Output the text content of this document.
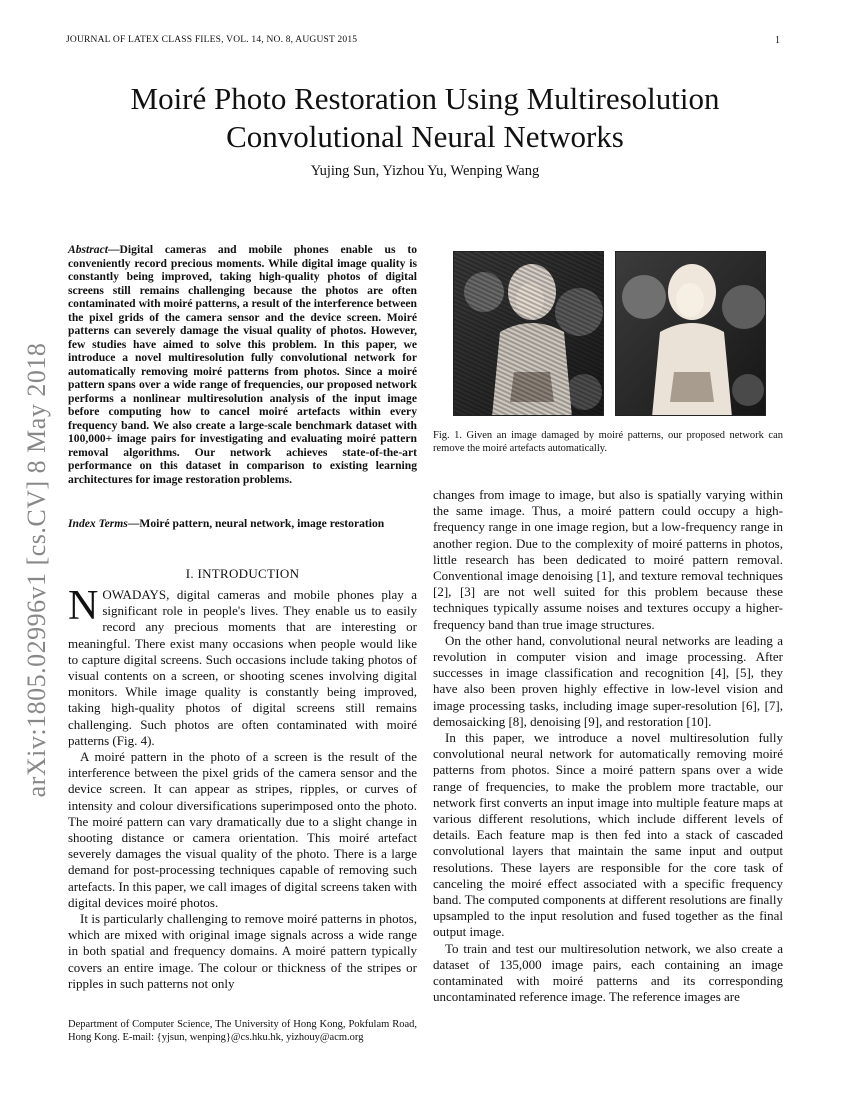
JOURNAL OF LATEX CLASS FILES, VOL. 14, NO. 8, AUGUST 2015	1
Moiré Photo Restoration Using Multiresolution
Convolutional Neural Networks
Yujing Sun, Yizhou Yu, Wenping Wang
arXiv:1805.02996v1 [cs.CV] 8 May 2018
Abstract—Digital cameras and mobile phones enable us to conveniently record precious moments. While digital image quality is constantly being improved, taking high-quality photos of digital screens still remains challenging because the photos are often contaminated with moiré patterns, a result of the interference between the pixel grids of the camera sensor and the device screen. Moiré patterns can severely damage the visual quality of photos. However, few studies have aimed to solve this problem. In this paper, we introduce a novel multiresolution fully convolutional network for automatically removing moiré patterns from photos. Since a moiré pattern spans over a wide range of frequencies, our proposed network performs a nonlinear multiresolution analysis of the input image before computing how to cancel moiré artefacts within every frequency band. We also create a large-scale benchmark dataset with 100,000+ image pairs for investigating and evaluating moiré pattern removal algorithms. Our network achieves state-of-the-art performance on this dataset in comparison to existing learning architectures for image restoration problems.
Index Terms—Moiré pattern, neural network, image restoration
I. INTRODUCTION

NOWADAYS, digital cameras and mobile phones play a significant role in people's lives. They enable us to easily record any precious moments that are interesting or meaningful. There exist many occasions when people would like to capture digital screens. Such occasions include taking photos of visual contents on a screen, or shooting scenes involving digital monitors. While image quality is constantly being improved, taking high-quality photos of digital screens still remains challenging. Such photos are often contaminated with moiré patterns (Fig. 4).

A moiré pattern in the photo of a screen is the result of the interference between the pixel grids of the camera sensor and the device screen. It can appear as stripes, ripples, or curves of intensity and colour diversifications superimposed onto the photo. The moiré pattern can vary dramatically due to a slight change in shooting distance or camera orientation. This moiré artefact severely damages the visual quality of the photo. There is a large demand for post-processing techniques capable of removing such artefacts. In this paper, we call images of digital screens taken with digital devices moiré photos.

It is particularly challenging to remove moiré patterns in photos, which are mixed with original image signals across a wide range in both spatial and frequency domains. A moiré pattern typically covers an entire image. The colour or thickness of the stripes or ripples in such patterns not only

Department of Computer Science, The University of Hong Kong, Pokfulam Road, Hong Kong. E-mail: {yjsun, wenping}@cs.hku.hk, yizhouy@acm.org
Fig. 1. Given an image damaged by moiré patterns, our proposed network can remove the moiré artefacts automatically.

changes from image to image, but also is spatially varying within the same image. Thus, a moiré pattern could occupy a high-frequency range in one image region, but a low-frequency range in another region. Due to the complexity of moiré patterns in photos, little research has been dedicated to moiré pattern removal. Conventional image denoising [1], and texture removal techniques [2], [3] are not well suited for this problem because these techniques typically assume noises and textures occupy a higher-frequency band than true image structures.

On the other hand, convolutional neural networks are leading a revolution in computer vision and image processing. After successes in image classification and recognition [4], [5], they have also been proven highly effective in low-level vision and image processing tasks, including image super-resolution [6], [7], demosaicking [8], denoising [9], and restoration [10].

In this paper, we introduce a novel multiresolution fully convolutional neural network for automatically removing moiré patterns from photos. Since a moiré pattern spans over a wide range of frequencies, to make the problem more tractable, our network first converts an input image into multiple feature maps at various different resolutions, which include different levels of details. Each feature map is then fed into a stack of cascaded convolutional layers that maintain the same input and output resolutions. These layers are responsible for the core task of canceling the moiré effect associated with a specific frequency band. The computed components at different resolutions are finally upsampled to the input resolution and fused together as the final output image.

To train and test our multiresolution network, we also create a dataset of 135,000 image pairs, each containing an image contaminated with moiré patterns and its corresponding uncontaminated reference image. The reference images are
